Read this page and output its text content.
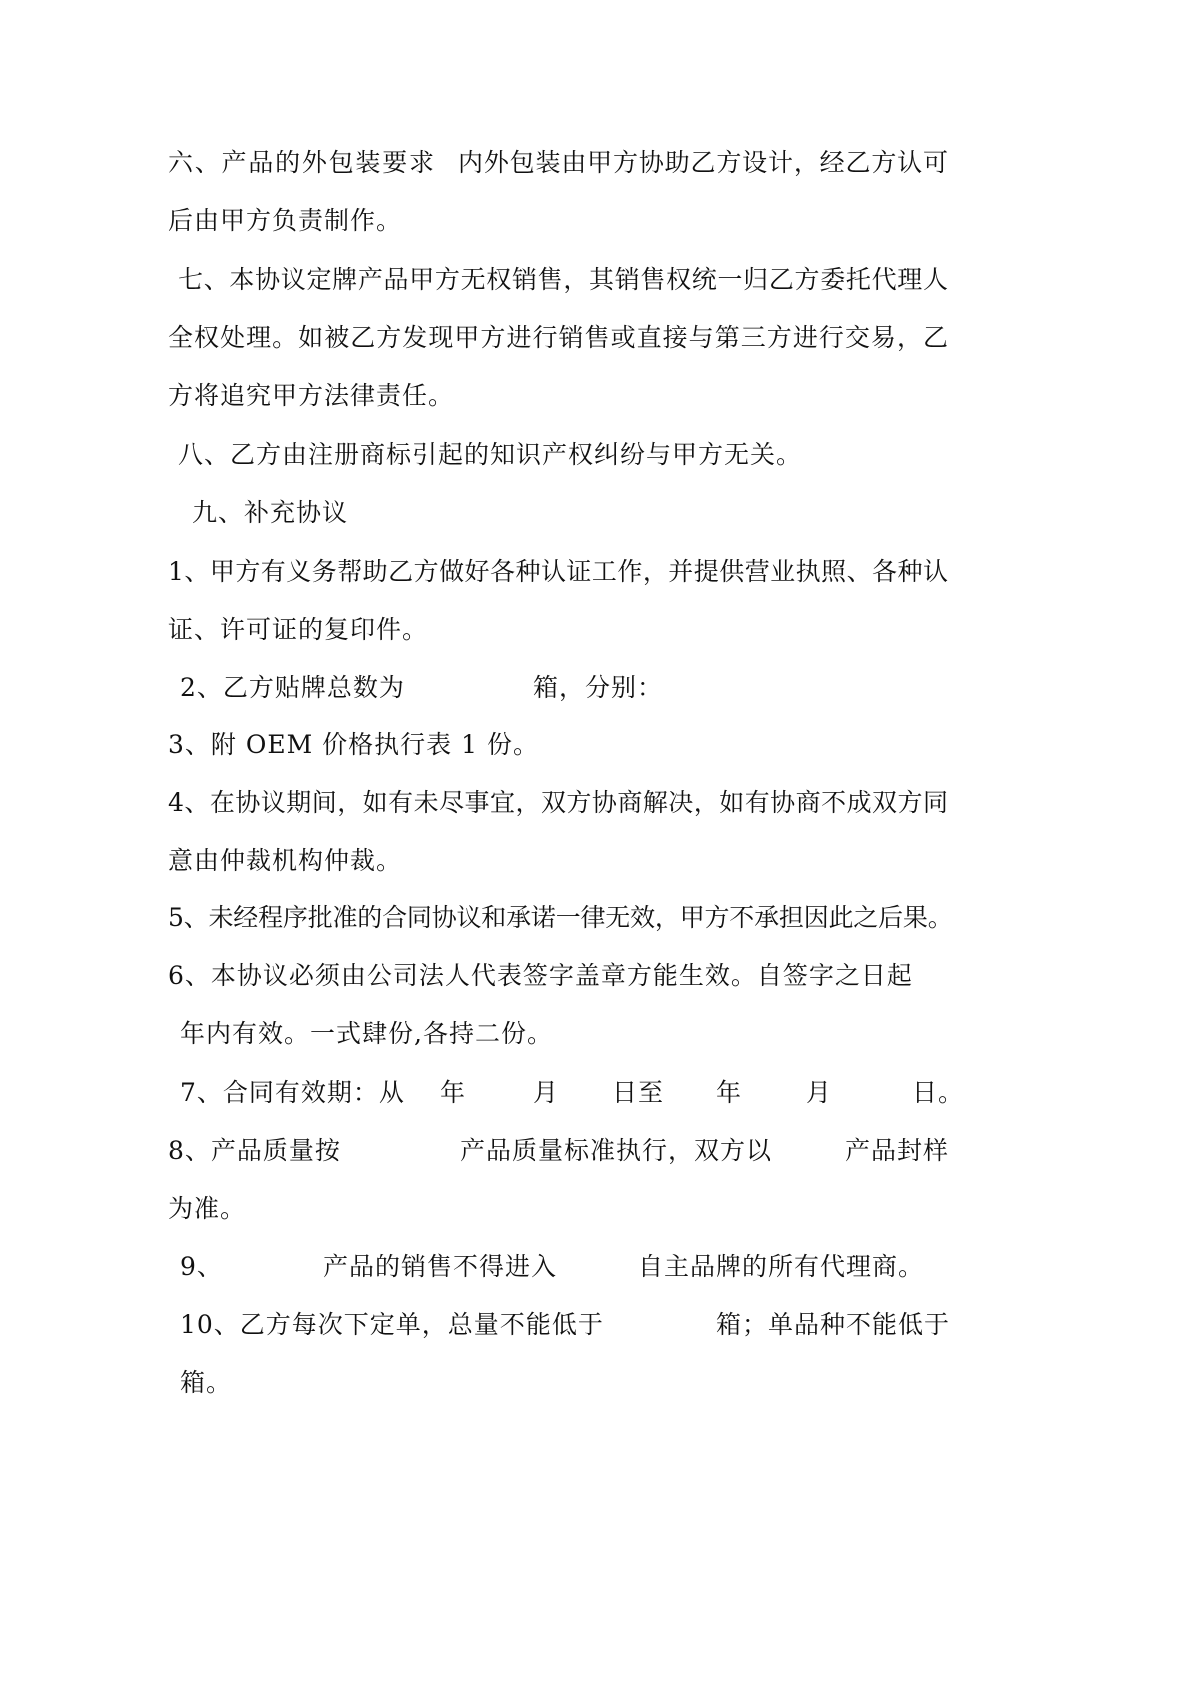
六、产品的外包装要求 内外包装由甲方协助乙方设计，经乙方认可
后由甲方负责制作。
七、本协议定牌产品甲方无权销售，其销售权统一归乙方委托代理人
全权处理。如被乙方发现甲方进行销售或直接与第三方进行交易，乙
方将追究甲方法律责任。
八、乙方由注册商标引起的知识产权纠纷与甲方无关。
九、补充协议
1、甲方有义务帮助乙方做好各种认证工作，并提供营业执照、各种认
证、许可证的复印件。
2、乙方贴牌总数为	箱，分别：
3、附 OEM 价格执行表 1 份。
4、在协议期间，如有未尽事宜，双方协商解决，如有协商不成双方同
意由仲裁机构仲裁。
5、未经程序批准的合同协议和承诺一律无效，甲方不承担因此之后果。
6、本协议必须由公司法人代表签字盖章方能生效。自签字之日起
年内有效。一式肆份,各持二份。
7、合同有效期：从 年	月 日至 年	月	日。
8、产品质量按	产品质量标准执行，双方以	产品封样
为准。
9、	产品的销售不得进入	自主品牌的所有代理商。
10、乙方每次下定单，总量不能低于	箱；单品种不能低于
箱。
